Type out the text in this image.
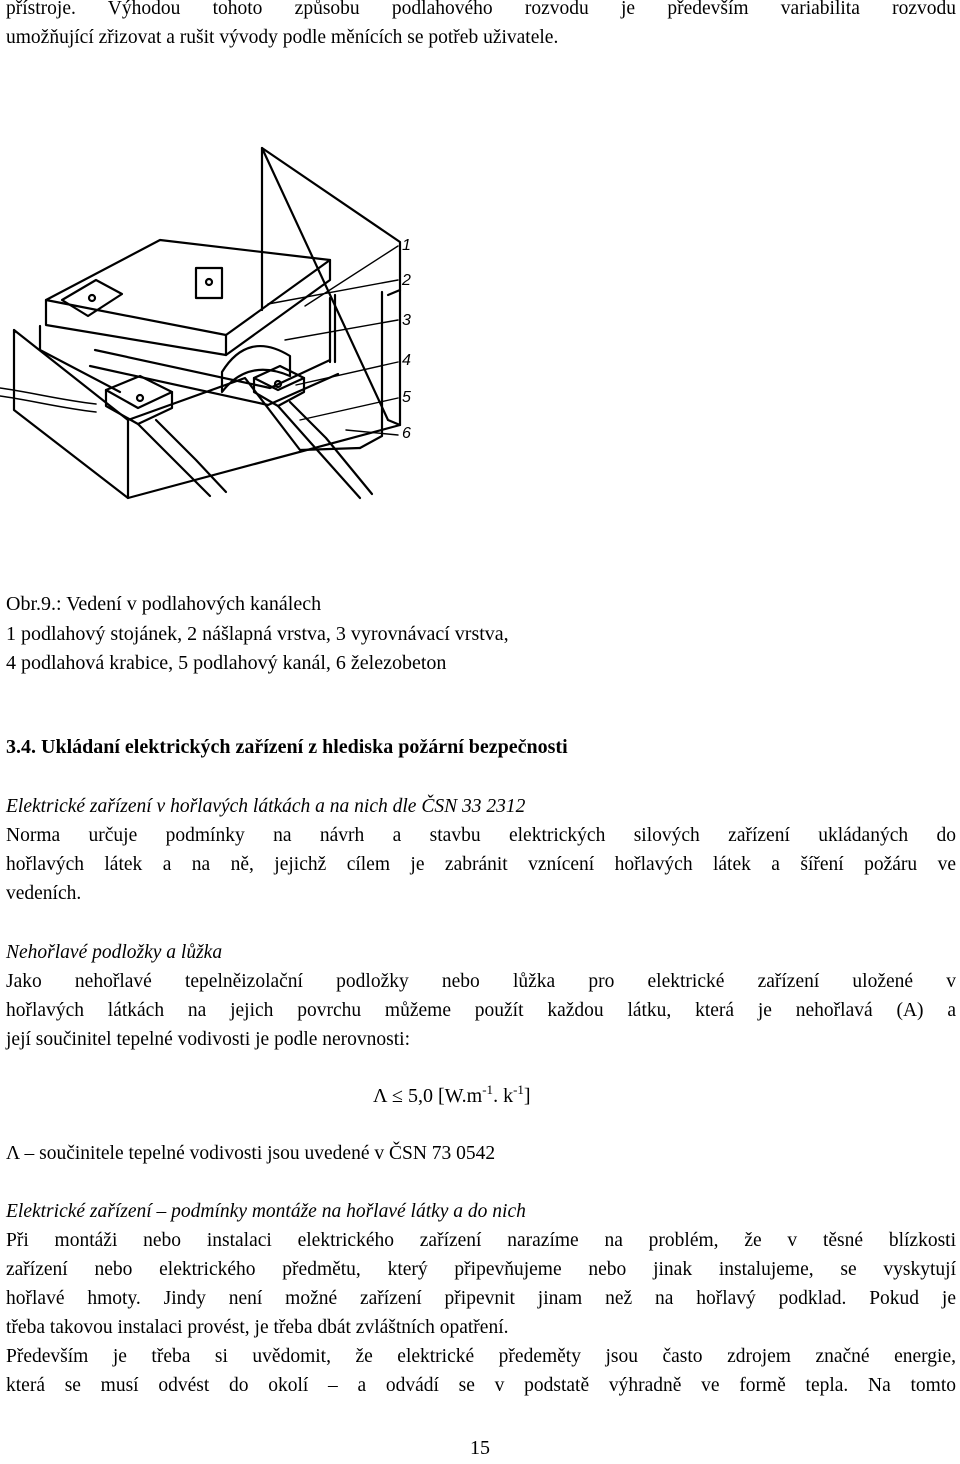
přístroje. Výhodou tohoto způsobu podlahového rozvodu je především variabilita rozvodu
umožňující zřizovat a rušit vývody podle měnících se potřeb uživatele.

1
2
3
4
5
6
Obr.9.: Vedení v podlahových kanálech
1 podlahový stojánek, 2 nášlapná vrstva, 3 vyrovnávací vrstva,
4 podlahová krabice, 5 podlahový kanál, 6 železobeton
3.4. Ukládaní elektrických zařízení z hlediska požární bezpečnosti

Elektrické zařízení v hořlavých látkách a na nich dle ČSN 33 2312
Norma určuje podmínky na návrh a stavbu elektrických silových zařízení ukládaných do
hořlavých látek a na ně, jejichž cílem je zabránit vznícení hořlavých látek a šíření požáru ve
vedeních.

Nehořlavé podložky a lůžka
Jako nehořlavé tepelněizolační podložky nebo lůžka pro elektrické zařízení uložené v
hořlavých látkách na jejich povrchu můžeme použít každou látku, která je nehořlavá (A) a
její součinitel tepelné vodivosti je podle nerovnosti:

Λ ≤ 5,0 [$W.m^{-1}$. $k^{-1}$]

Λ – součinitele tepelné vodivosti jsou uvedené v ČSN 73 0542

Elektrické zařízení – podmínky montáže na hořlavé látky a do nich
Při montáži nebo instalaci elektrického zařízení narazíme na problém, že v těsné blízkosti
zařízení nebo elektrického předmětu, který připevňujeme nebo jinak instalujeme, se vyskytují
hořlavé hmoty. Jindy není možné zařízení připevnit jinam než na hořlavý podklad. Pokud je
třeba takovou instalaci provést, je třeba dbát zvláštních opatření.
Především je třeba si uvědomit, že elektrické předeměty jsou často zdrojem značné energie,
která se musí odvést do okolí – a odvádí se v podstatě výhradně ve formě tepla. Na tomto

15
